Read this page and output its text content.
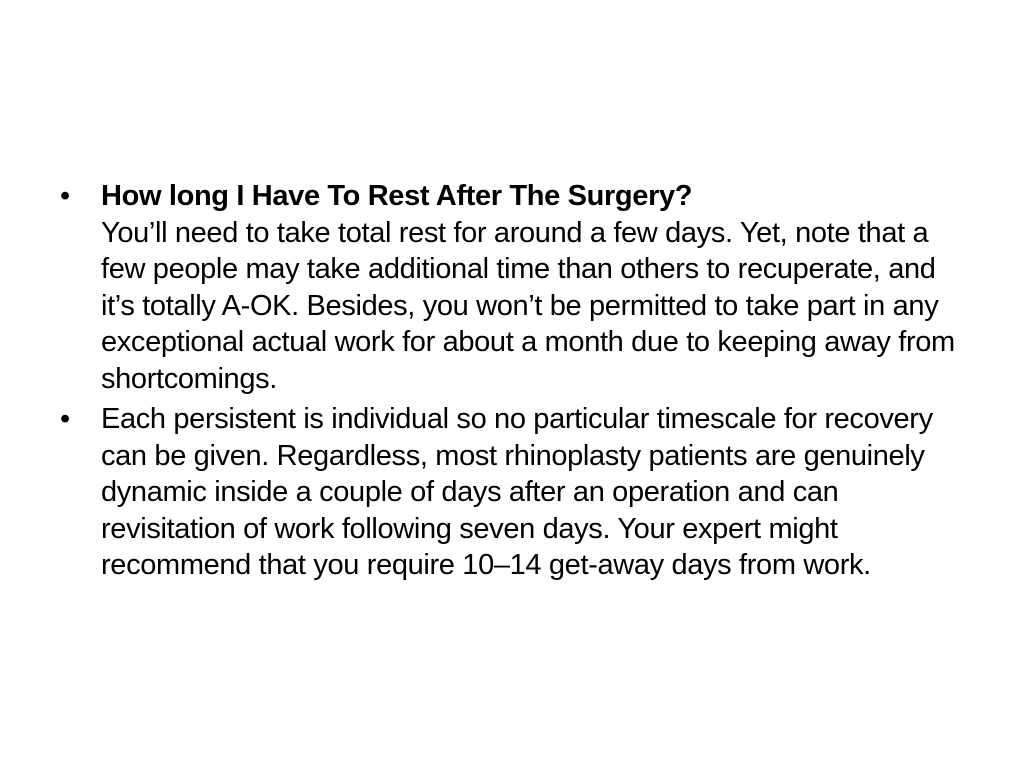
• How long I Have To Rest After The Surgery?
You’ll need to take total rest for around a few days. Yet, note that a few people may take additional time than others to recuperate, and it’s totally A-OK. Besides, you won’t be permitted to take part in any exceptional actual work for about a month due to keeping away from shortcomings.
• Each persistent is individual so no particular timescale for recovery can be given. Regardless, most rhinoplasty patients are genuinely dynamic inside a couple of days after an operation and can revisitation of work following seven days. Your expert might recommend that you require 10–14 get-away days from work.
